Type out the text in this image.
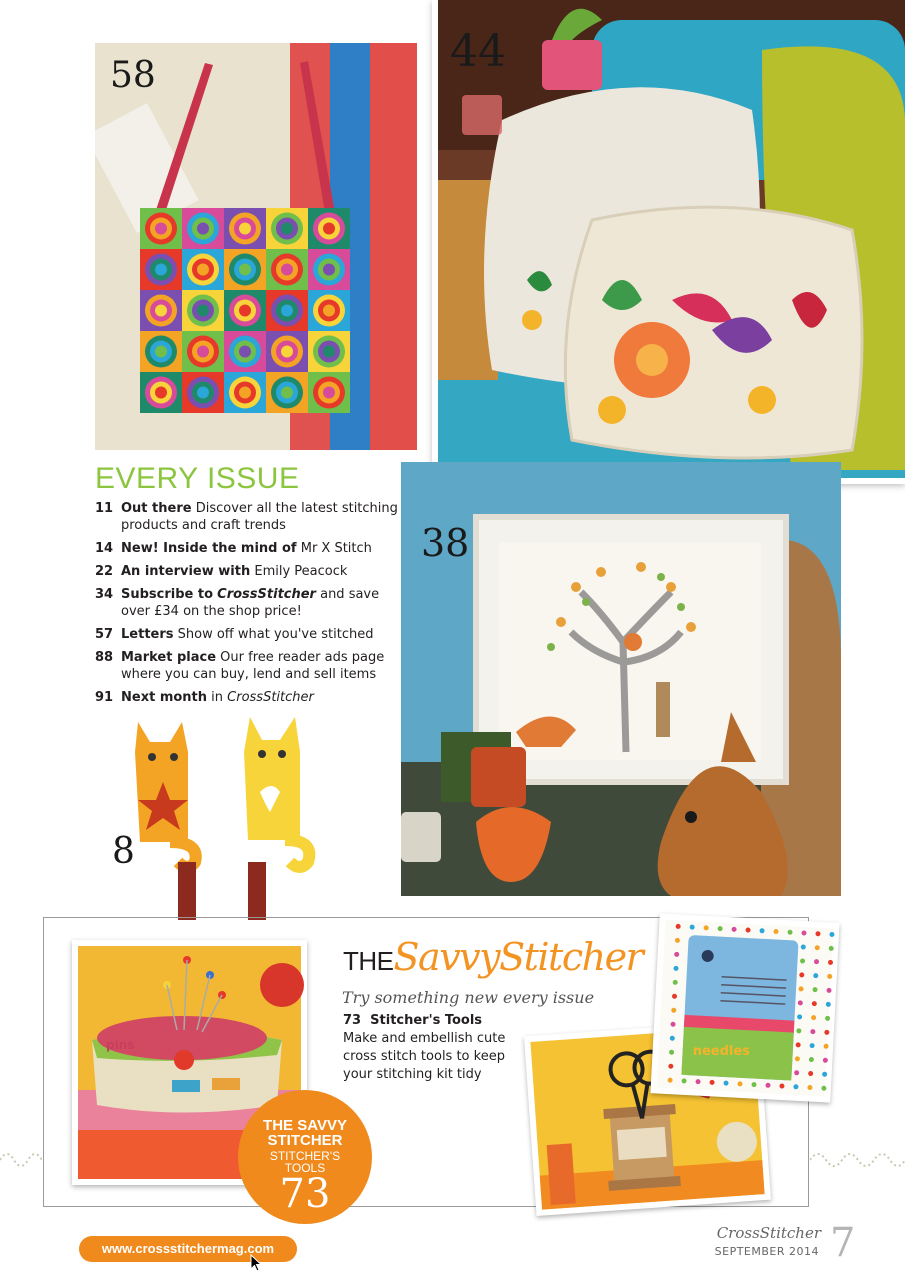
44
58
38
EVERY ISSUE
11 Out there Discover all the latest stitching products and craft trends
14 New! Inside the mind of Mr X Stitch
22 An interview with Emily Peacock
34 Subscribe to CrossStitcher and save over £34 on the shop price!
57 Letters Show off what you've stitched
88 Market place Our free reader ads page where you can buy, lend and sell items
91 Next month in CrossStitcher
8
pins
THESavvyStitcher
Try something new every issue
73 Stitcher's Tools
Make and embellish cute cross stitch tools to keep your stitching kit tidy
needles
THE SAVVY
STITCHER
STITCHER'S
TOOLS
73
www.crossstitchermag.com
CrossStitcher
SEPTEMBER 2014 7
